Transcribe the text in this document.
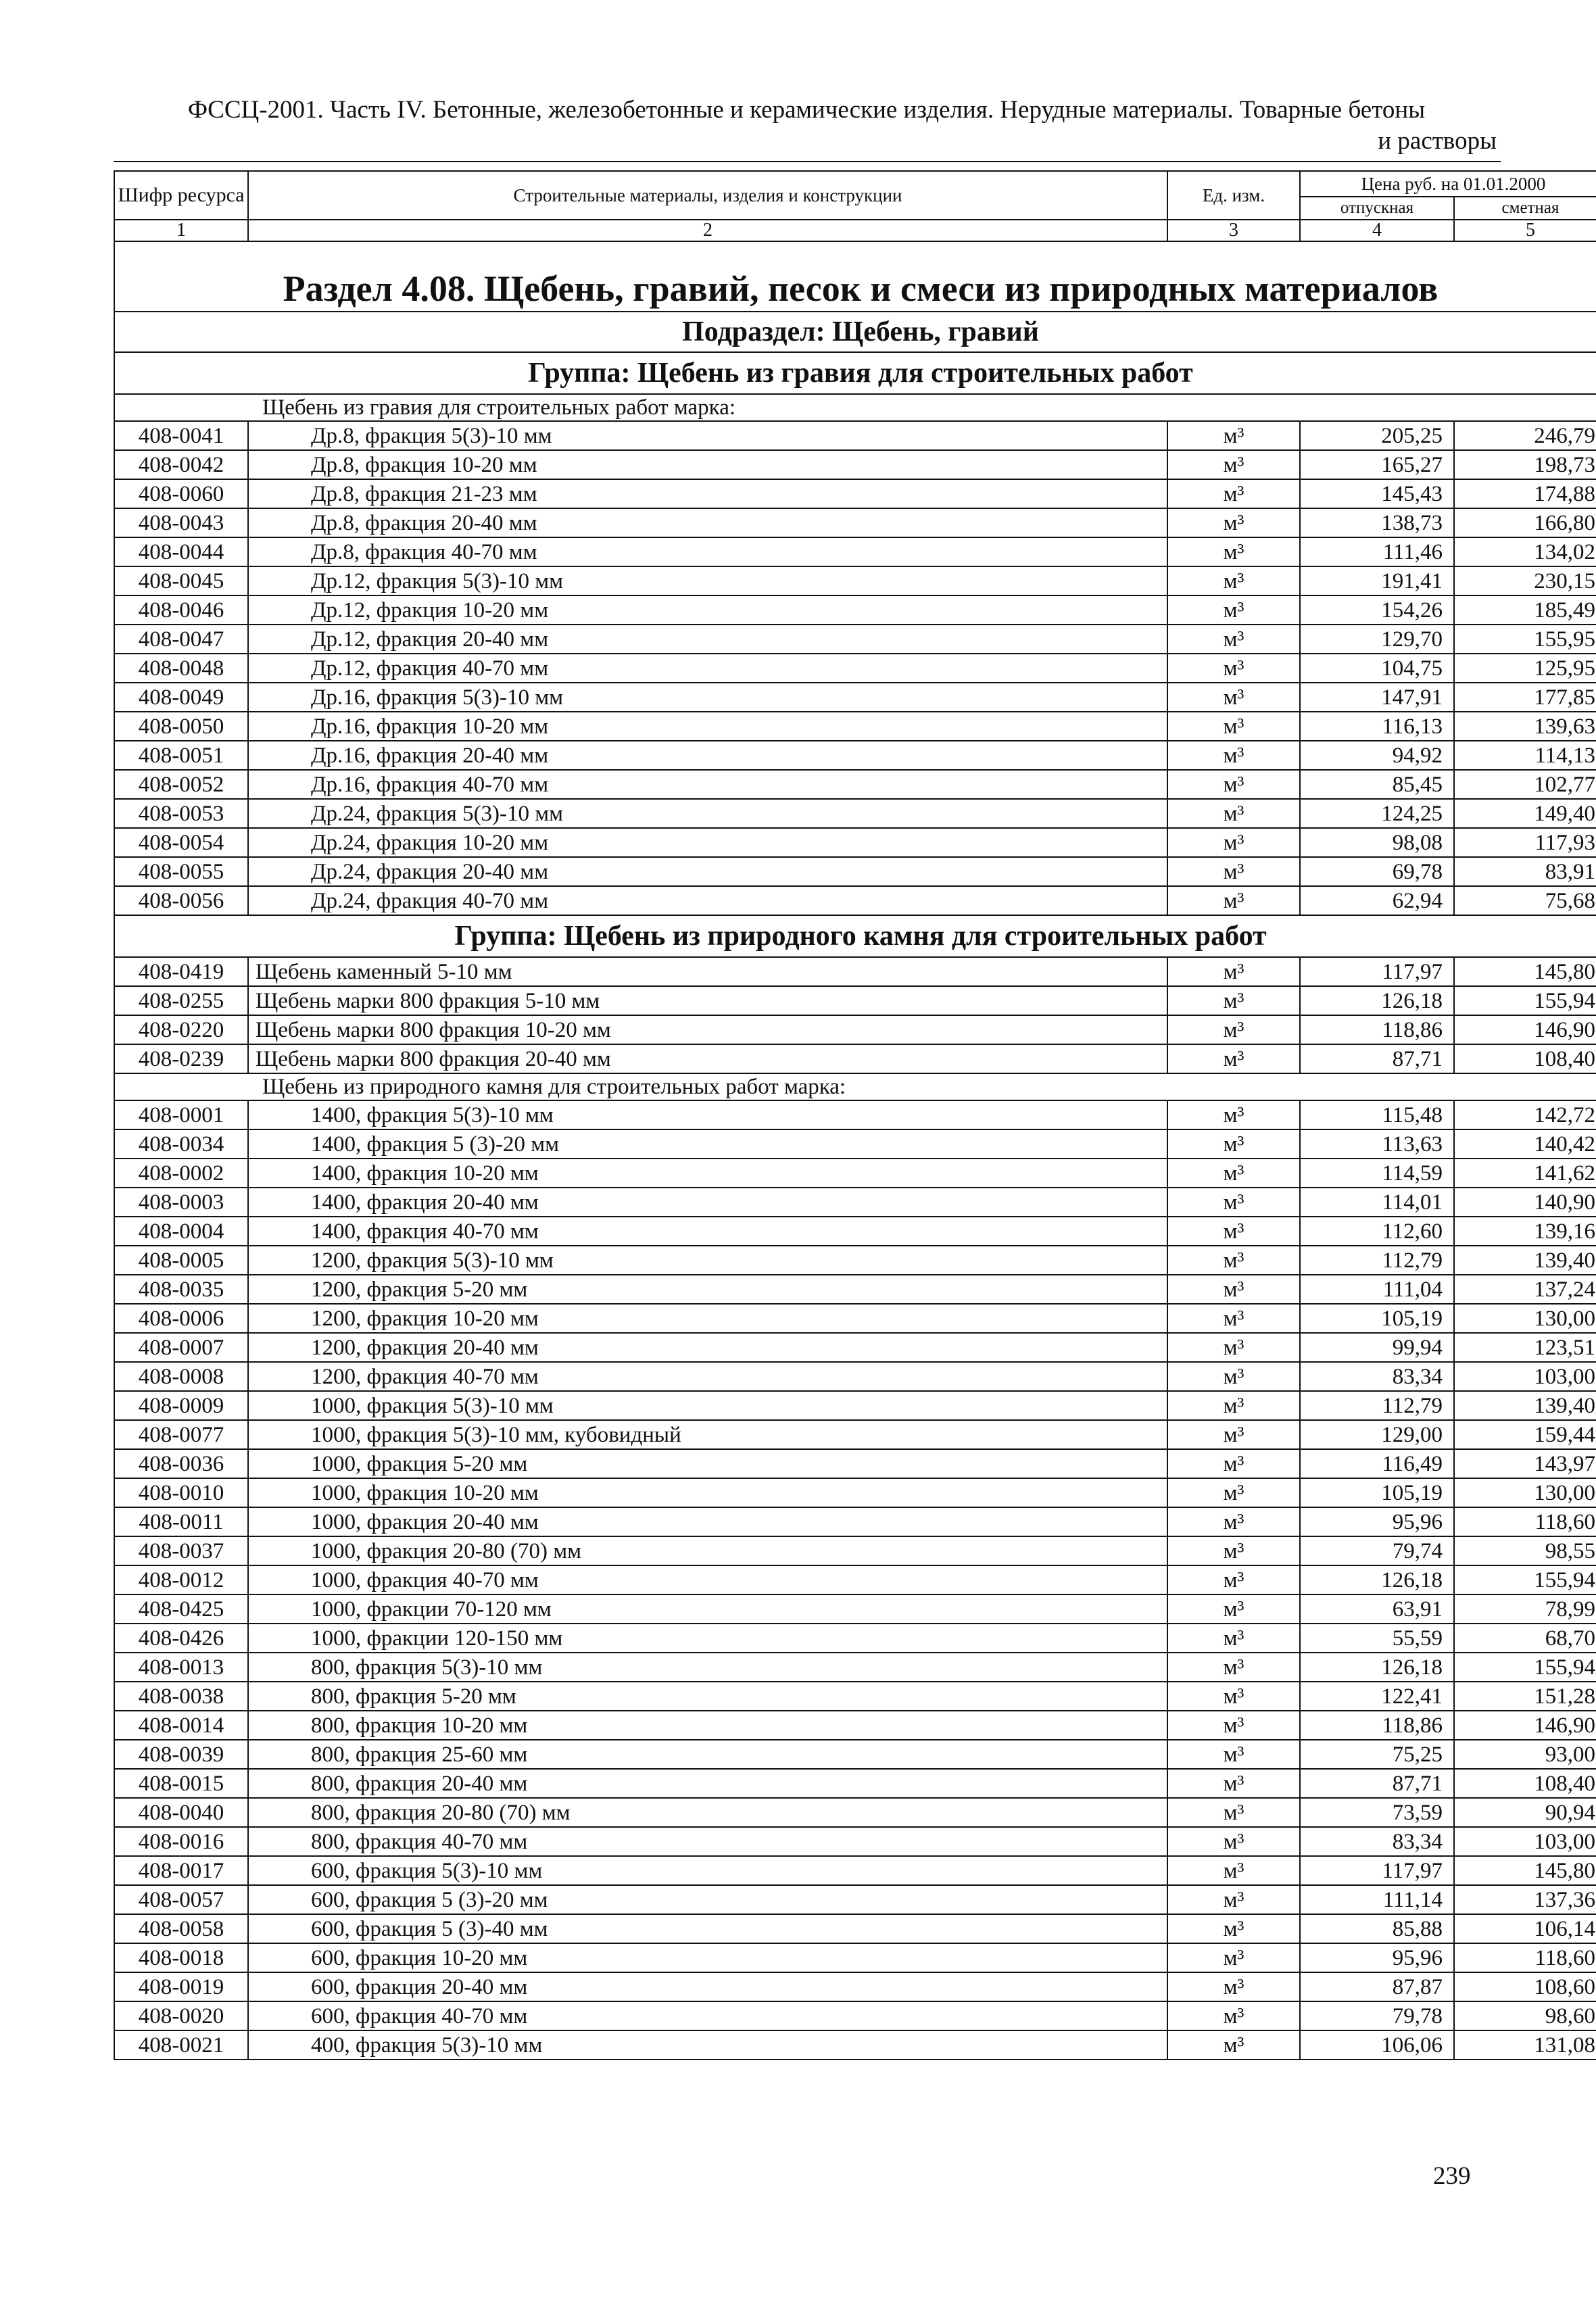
ФССЦ-2001. Часть IV. Бетонные, железобетонные и керамические изделия. Нерудные материалы. Товарные бетоны
и растворы
Шифр ресурса	Строительные материалы, изделия и конструкции	Ед. изм.	Цена руб. на 01.01.2000	
			отпускная	сметная
1	2	3	4	5
Раздел 4.08. Щебень, гравий, песок и смеси из природных материалов				
Подраздел: Щебень, гравий				
Группа: Щебень из гравия для строительных работ				
Щебень из гравия для строительных работ марка:				
408-0041	Др.8, фракция 5(3)-10 мм	м³	205,25	246,79
408-0042	Др.8, фракция 10-20 мм	м³	165,27	198,73
408-0060	Др.8, фракция 21-23 мм	м³	145,43	174,88
408-0043	Др.8, фракция 20-40 мм	м³	138,73	166,80
408-0044	Др.8, фракция 40-70 мм	м³	111,46	134,02
408-0045	Др.12, фракция 5(3)-10 мм	м³	191,41	230,15
408-0046	Др.12, фракция 10-20 мм	м³	154,26	185,49
408-0047	Др.12, фракция 20-40 мм	м³	129,70	155,95
408-0048	Др.12, фракция 40-70 мм	м³	104,75	125,95
408-0049	Др.16, фракция 5(3)-10 мм	м³	147,91	177,85
408-0050	Др.16, фракция 10-20 мм	м³	116,13	139,63
408-0051	Др.16, фракция 20-40 мм	м³	94,92	114,13
408-0052	Др.16, фракция 40-70 мм	м³	85,45	102,77
408-0053	Др.24, фракция 5(3)-10 мм	м³	124,25	149,40
408-0054	Др.24, фракция 10-20 мм	м³	98,08	117,93
408-0055	Др.24, фракция 20-40 мм	м³	69,78	83,91
408-0056	Др.24, фракция 40-70 мм	м³	62,94	75,68
Группа: Щебень из природного камня для строительных работ				
408-0419	Щебень каменный 5-10 мм	м³	117,97	145,80
408-0255	Щебень марки 800 фракция 5-10 мм	м³	126,18	155,94
408-0220	Щебень марки 800 фракция 10-20 мм	м³	118,86	146,90
408-0239	Щебень марки 800 фракция 20-40 мм	м³	87,71	108,40
Щебень из природного камня для строительных работ марка:				
408-0001	1400, фракция 5(3)-10 мм	м³	115,48	142,72
408-0034	1400, фракция 5 (3)-20 мм	м³	113,63	140,42
408-0002	1400, фракция 10-20 мм	м³	114,59	141,62
408-0003	1400, фракция 20-40 мм	м³	114,01	140,90
408-0004	1400, фракция 40-70 мм	м³	112,60	139,16
408-0005	1200, фракция 5(3)-10 мм	м³	112,79	139,40
408-0035	1200, фракция 5-20 мм	м³	111,04	137,24
408-0006	1200, фракция 10-20 мм	м³	105,19	130,00
408-0007	1200, фракция 20-40 мм	м³	99,94	123,51
408-0008	1200, фракция 40-70 мм	м³	83,34	103,00
408-0009	1000, фракция 5(3)-10 мм	м³	112,79	139,40
408-0077	1000, фракция 5(3)-10 мм, кубовидный	м³	129,00	159,44
408-0036	1000, фракция 5-20 мм	м³	116,49	143,97
408-0010	1000, фракция 10-20 мм	м³	105,19	130,00
408-0011	1000, фракция 20-40 мм	м³	95,96	118,60
408-0037	1000, фракция 20-80 (70) мм	м³	79,74	98,55
408-0012	1000, фракция 40-70 мм	м³	126,18	155,94
408-0425	1000, фракции 70-120 мм	м³	63,91	78,99
408-0426	1000, фракции 120-150 мм	м³	55,59	68,70
408-0013	800, фракция 5(3)-10 мм	м³	126,18	155,94
408-0038	800, фракция 5-20 мм	м³	122,41	151,28
408-0014	800, фракция 10-20 мм	м³	118,86	146,90
408-0039	800, фракция 25-60 мм	м³	75,25	93,00
408-0015	800, фракция 20-40 мм	м³	87,71	108,40
408-0040	800, фракция 20-80 (70) мм	м³	73,59	90,94
408-0016	800, фракция 40-70 мм	м³	83,34	103,00
408-0017	600, фракция 5(3)-10 мм	м³	117,97	145,80
408-0057	600, фракция 5 (3)-20 мм	м³	111,14	137,36
408-0058	600, фракция 5 (3)-40 мм	м³	85,88	106,14
408-0018	600, фракция 10-20 мм	м³	95,96	118,60
408-0019	600, фракция 20-40 мм	м³	87,87	108,60
408-0020	600, фракция 40-70 мм	м³	79,78	98,60
408-0021	400, фракция 5(3)-10 мм	м³	106,06	131,08
239
